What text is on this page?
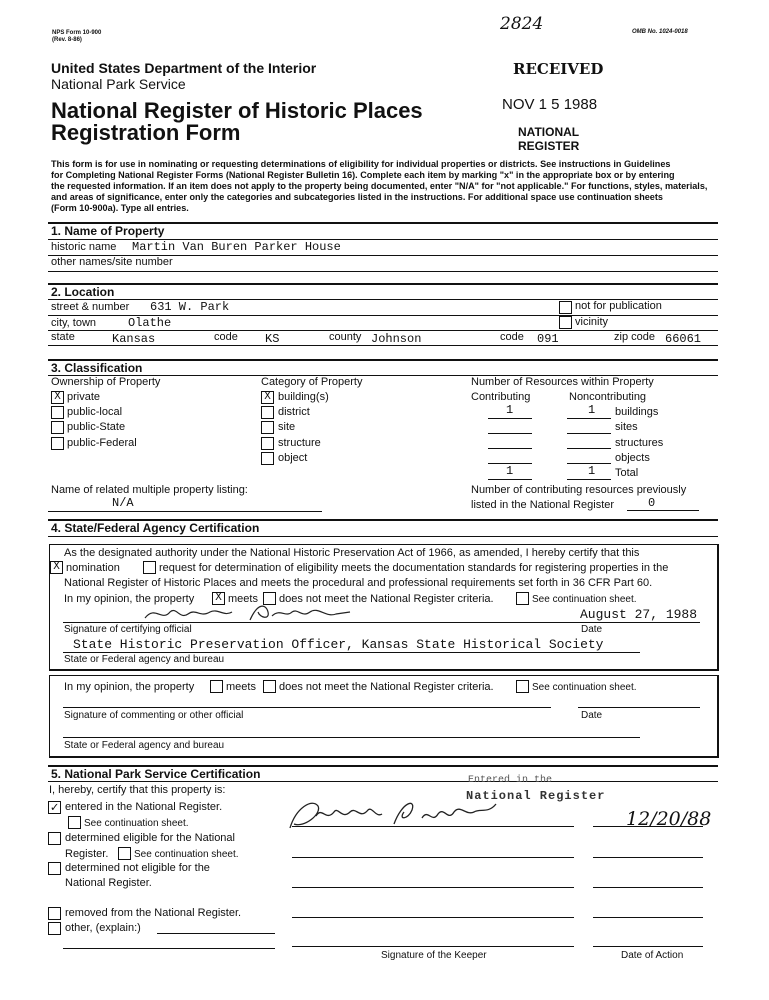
NPS Form 10-900
(Rev. 8-86)
2824	OMB No. 1024-0018
United States Department of the Interior
National Park Service
National Register of Historic Places
Registration Form
RECEIVED
NOV 1 5 1988
NATIONAL
REGISTER
This form is for use in nominating or requesting determinations of eligibility for individual properties or districts. See instructions in Guidelines
for Completing National Register Forms (National Register Bulletin 16). Complete each item by marking "x" in the appropriate box or by entering
the requested information. If an item does not apply to the property being documented, enter "N/A" for "not applicable." For functions, styles, materials,
and areas of significance, enter only the categories and subcategories listed in the instructions. For additional space use continuation sheets
(Form 10-900a). Type all entries.
1. Name of Property
historic name Martin Van Buren Parker House
other names/site number
2. Location
street & number 631 W. Park	not for publication
city, town	Olathe	vicinity
state	Kansas	code KS	county Johnson	code 091	zip code 66061
3. Classification
Ownership of Property
X private
public-local
public-State
public-Federal
Category of Property
X building(s)
district
site
structure
object
Number of Resources within Property
Contributing	Noncontributing
1	1 buildings
sites
structures
objects
1	1 Total
Name of related multiple property listing:
N/A
Number of contributing resources previously
listed in the National Register	0
4. State/Federal Agency Certification
As the designated authority under the National Historic Preservation Act of 1966, as amended, I hereby certify that this
X nomination	request for determination of eligibility meets the documentation standards for registering properties in the
National Register of Historic Places and meets the procedural and professional requirements set forth in 36 CFR Part 60.
In my opinion, the property X meets does not meet the National Register criteria.	See continuation sheet.
August 27, 1988
Signature of certifying official	Date
State Historic Preservation Officer, Kansas State Historical Society
State or Federal agency and bureau
In my opinion, the property	meets does not meet the National Register criteria.	See continuation sheet.
Signature of commenting or other official	Date
State or Federal agency and bureau
5. National Park Service Certification
I, hereby, certify that this property is:
✓ entered in the National Register.
See continuation sheet.
determined eligible for the National
Register.	See continuation sheet.
determined not eligible for the
National Register.
removed from the National Register.
other, (explain:)
Entered in the
National Register
12/20/88
Signature of the Keeper	Date of Action
